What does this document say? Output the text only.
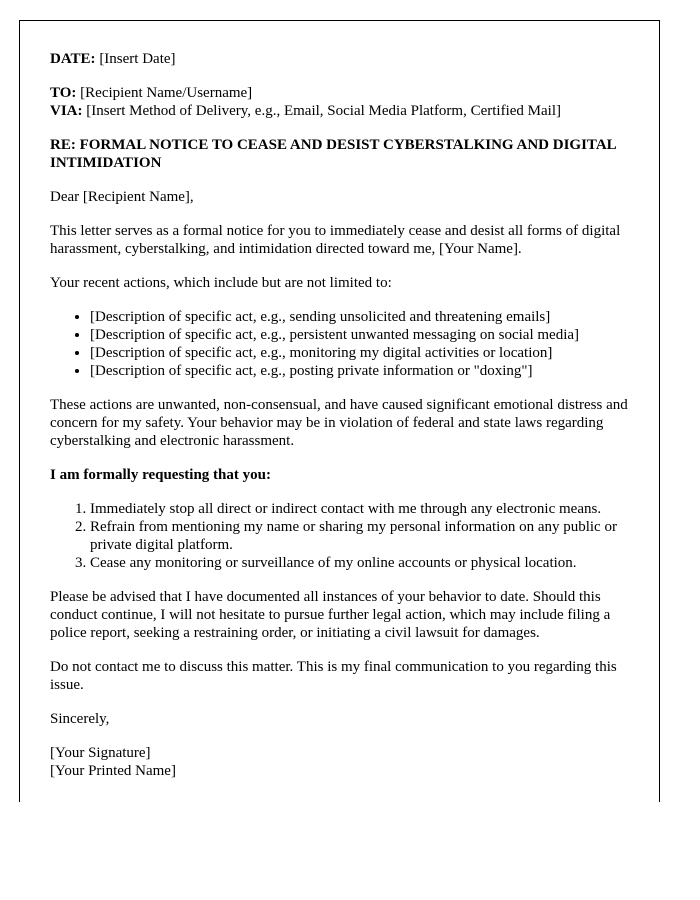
DATE: [Insert Date]

TO: [Recipient Name/Username]
VIA: [Insert Method of Delivery, e.g., Email, Social Media Platform, Certified Mail]

RE: FORMAL NOTICE TO CEASE AND DESIST CYBERSTALKING AND DIGITAL INTIMIDATION

Dear [Recipient Name],

This letter serves as a formal notice for you to immediately cease and desist all forms of digital harassment, cyberstalking, and intimidation directed toward me, [Your Name].

Your recent actions, which include but are not limited to:

• [Description of specific act, e.g., sending unsolicited and threatening emails]
• [Description of specific act, e.g., persistent unwanted messaging on social media]
• [Description of specific act, e.g., monitoring my digital activities or location]
• [Description of specific act, e.g., posting private information or "doxing"]

These actions are unwanted, non-consensual, and have caused significant emotional distress and concern for my safety. Your behavior may be in violation of federal and state laws regarding cyberstalking and electronic harassment.

I am formally requesting that you:

1. Immediately stop all direct or indirect contact with me through any electronic means.
2. Refrain from mentioning my name or sharing my personal information on any public or private digital platform.
3. Cease any monitoring or surveillance of my online accounts or physical location.

Please be advised that I have documented all instances of your behavior to date. Should this conduct continue, I will not hesitate to pursue further legal action, which may include filing a police report, seeking a restraining order, or initiating a civil lawsuit for damages.

Do not contact me to discuss this matter. This is my final communication to you regarding this issue.

Sincerely,

[Your Signature]

[Your Printed Name]
